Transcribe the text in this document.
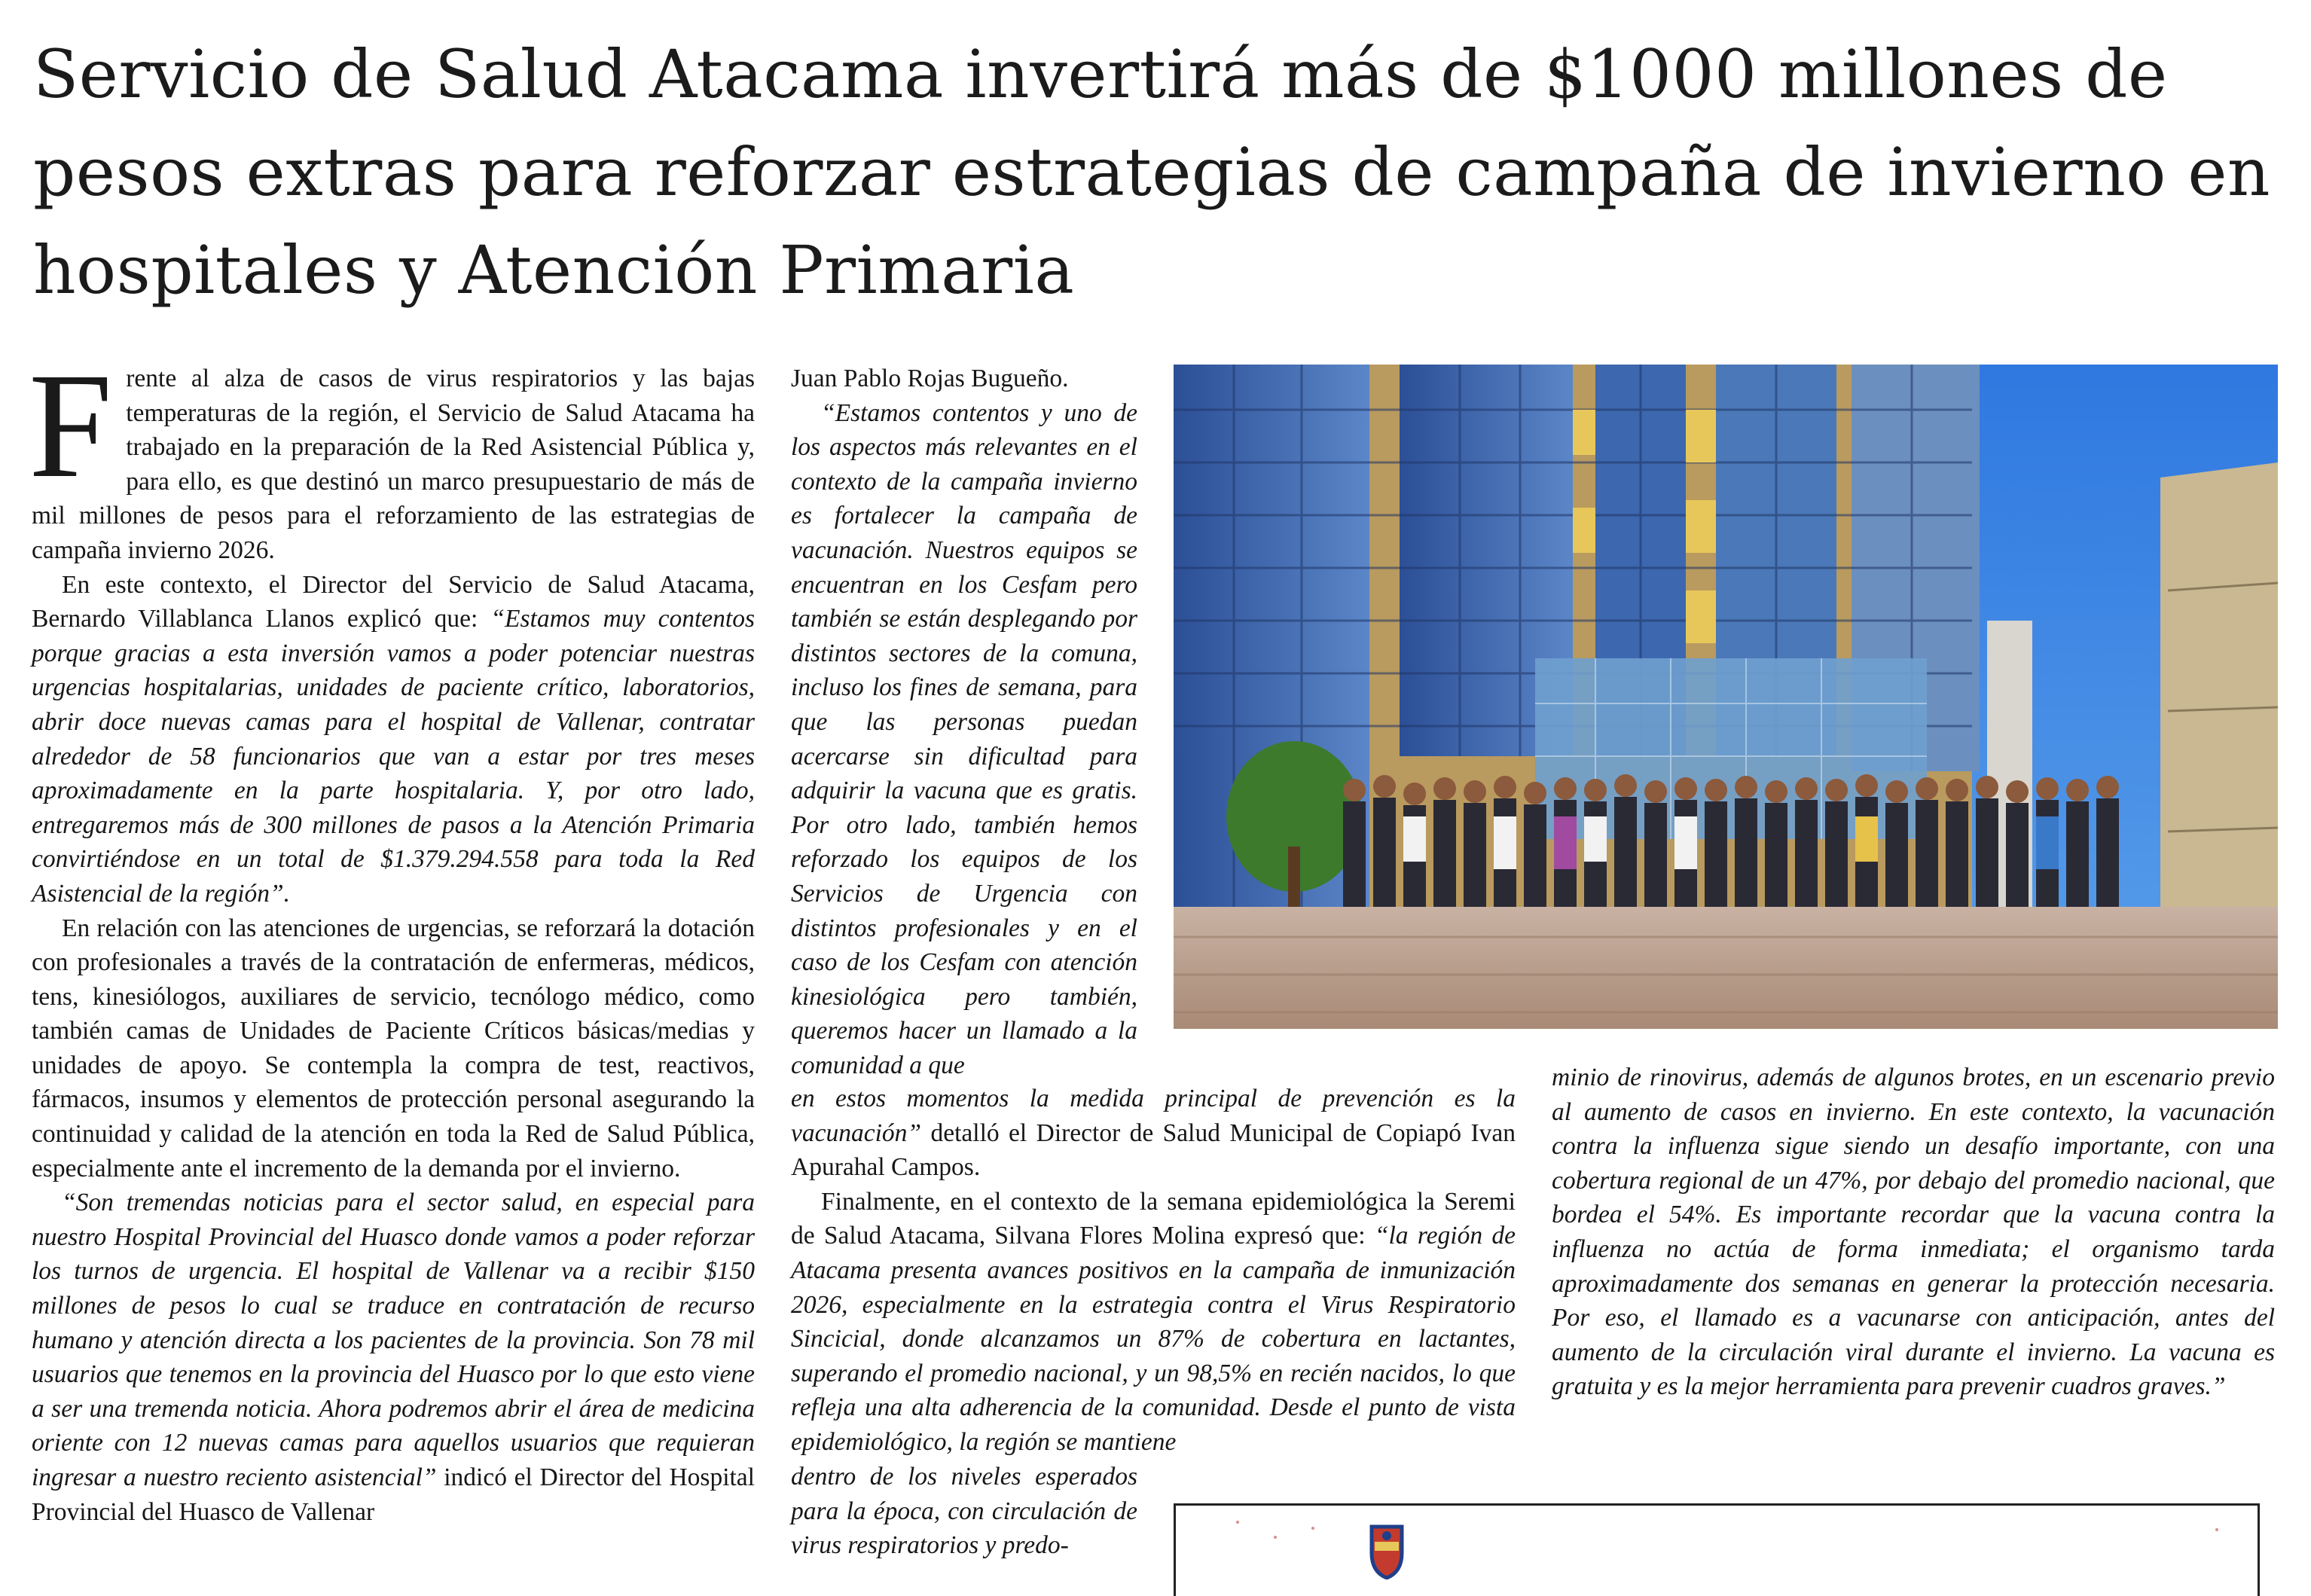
Servicio de Salud Atacama invertirá más de $1000 millones de pesos extras para reforzar estrategias de campaña de invierno en hospitales y Atención Primaria

Frente al alza de casos de virus respiratorios y las bajas temperaturas de la región, el Servicio de Salud Atacama ha trabajado en la preparación de la Red Asistencial Pública y, para ello, es que destinó un marco presupuestario de más de mil millones de pesos para el reforzamiento de las estrategias de campaña invierno 2026.

En este contexto, el Director del Servicio de Salud Atacama, Bernardo Villablanca Llanos explicó que: “Estamos muy contentos porque gracias a esta inversión vamos a poder potenciar nuestras urgencias hospitalarias, unidades de paciente crítico, laboratorios, abrir doce nuevas camas para el hospital de Vallenar, contratar alrededor de 58 funcionarios que van a estar por tres meses aproximadamente en la parte hospitalaria. Y, por otro lado, entregaremos más de 300 millones de pasos a la Atención Primaria convirtiéndose en un total de $1.379.294.558 para toda la Red Asistencial de la región”.

En relación con las atenciones de urgencias, se reforzará la dotación con profesionales a través de la contratación de enfermeras, médicos, tens, kinesiólogos, auxiliares de servicio, tecnólogo médico, como también camas de Unidades de Paciente Críticos básicas/medias y unidades de apoyo. Se contempla la compra de test, reactivos, fármacos, insumos y elementos de protección personal asegurando la continuidad y calidad de la atención en toda la Red de Salud Pública, especialmente ante el incremento de la demanda por el invierno.

“Son tremendas noticias para el sector salud, en especial para nuestro Hospital Provincial del Huasco donde vamos a poder reforzar los turnos de urgencia. El hospital de Vallenar va a recibir $150 millones de pesos lo cual se traduce en contratación de recurso humano y atención directa a los pacientes de la provincia. Son 78 mil usuarios que tenemos en la provincia del Huasco por lo que esto viene a ser una tremenda noticia. Ahora podremos abrir el área de medicina oriente con 12 nuevas camas para aquellos usuarios que requieran ingresar a nuestro reciento asistencial” indicó el Director del Hospital Provincial del Huasco de Vallenar

Juan Pablo Rojas Bugueño.

“Estamos contentos y uno de los aspectos más relevantes en el contexto de la campaña invierno es fortalecer la campaña de vacunación. Nuestros equipos se encuentran en los Cesfam pero también se están desplegando por distintos sectores de la comuna, incluso los fines de semana, para que las personas puedan acercarse sin dificultad para adquirir la vacuna que es gratis. Por otro lado, también hemos reforzado los equipos de los Servicios de Urgencia con distintos profesionales y en el caso de los Cesfam con atención kinesiológica pero también, queremos hacer un llamado a la comunidad a que

en estos momentos la medida principal de prevención es la vacunación” detalló el Director de Salud Municipal de Copiapó Ivan Apurahal Campos.

Finalmente, en el contexto de la semana epidemiológica la Seremi de Salud Atacama, Silvana Flores Molina expresó que: “la región de Atacama presenta avances positivos en la campaña de inmunización 2026, especialmente en la estrategia contra el Virus Respiratorio Sincicial, donde alcanzamos un 87% de cobertura en lactantes, superando el promedio nacional, y un 98,5% en recién nacidos, lo que refleja una alta adherencia de la comunidad. Desde el punto de vista epidemiológico, la región se mantiene

dentro de los niveles esperados para la época, con circulación de virus respiratorios y predo-

minio de rinovirus, además de algunos brotes, en un escenario previo al aumento de casos en invierno. En este contexto, la vacunación contra la influenza sigue siendo un desafío importante, con una cobertura regional de un 47%, por debajo del promedio nacional, que bordea el 54%. Es importante recordar que la vacuna contra la influenza no actúa de forma inmediata; el organismo tarda aproximadamente dos semanas en generar la protección necesaria. Por eso, el llamado es a vacunarse con anticipación, antes del aumento de la circulación viral durante el invierno. La vacuna es gratuita y es la mejor herramienta para prevenir cuadros graves.”
